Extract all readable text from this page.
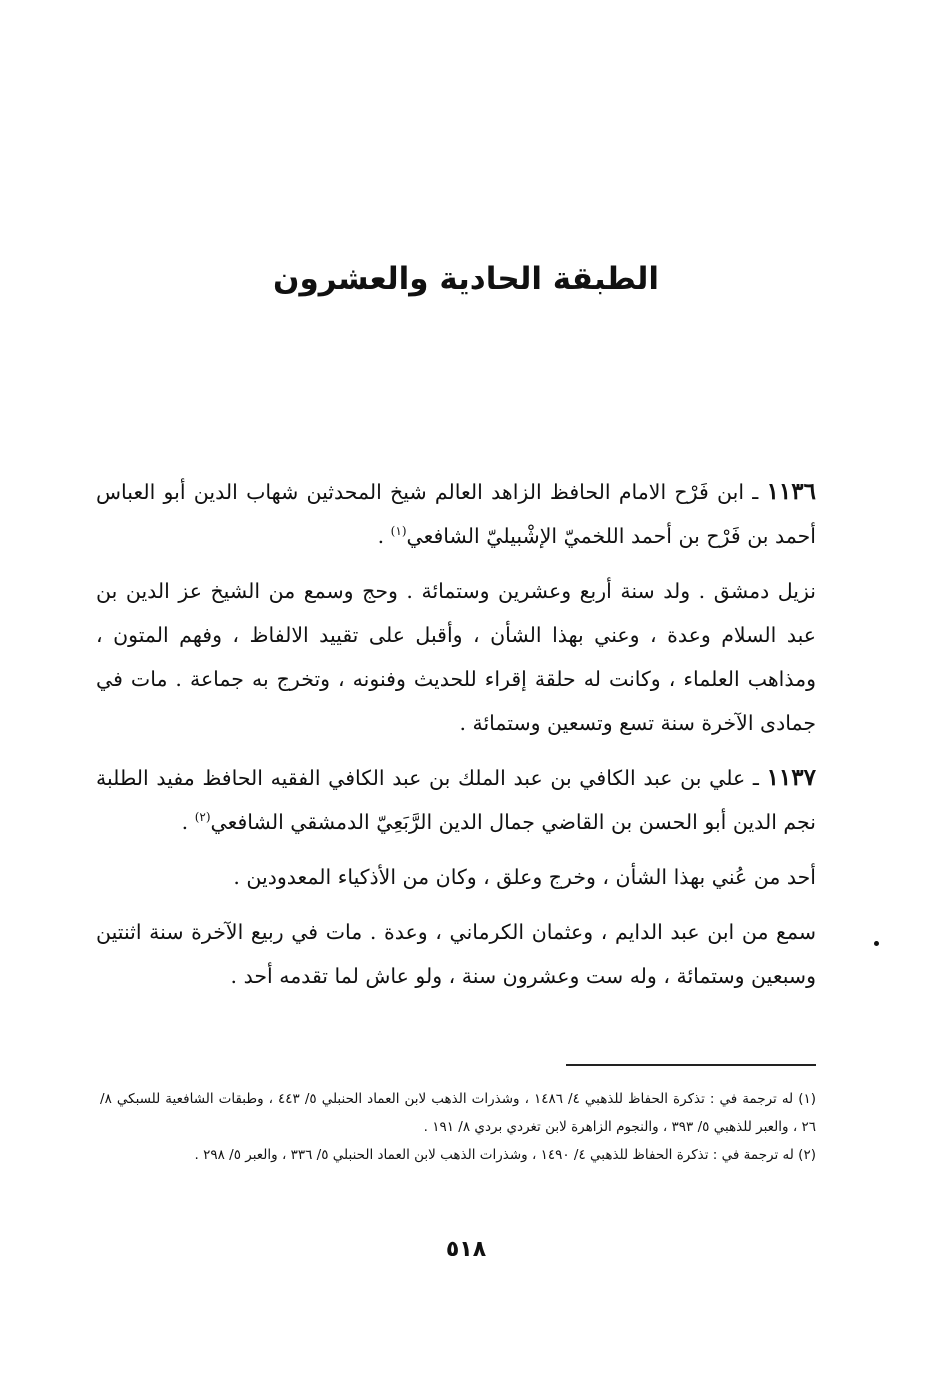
الطبقة الحادية والعشرون

١١٣٦ ـ ابن فَرْح الامام الحافظ الزاهد العالم شيخ المحدثين شهاب الدين أبو العباس أحمد بن فَرْح بن أحمد اللخميّ الإشْبيليّ الشافعي$^{(١)}$ .

نزيل دمشق . ولد سنة أربع وعشرين وستمائة . وحج وسمع من الشيخ عز الدين بن عبد السلام وعدة ، وعني بهذا الشأن ، وأقبل على تقييد الالفاظ ، وفهم المتون ، ومذاهب العلماء ، وكانت له حلقة إقراء للحديث وفنونه ، وتخرج به جماعة . مات في جمادى الآخرة سنة تسع وتسعين وستمائة .

١١٣٧ ـ علي بن عبد الكافي بن عبد الملك بن عبد الكافي الفقيه الحافظ مفيد الطلبة نجم الدين أبو الحسن بن القاضي جمال الدين الرَّبَعِيّ الدمشقي الشافعي$^{(٢)}$ .

أحد من عُني بهذا الشأن ، وخرج وعلق ، وكان من الأذكياء المعدودين .

سمع من ابن عبد الدايم ، وعثمان الكرماني ، وعدة . مات في ربيع الآخرة سنة اثنتين وسبعين وستمائة ، وله ست وعشرون سنة ، ولو عاش لما تقدمه أحد .

(١) له ترجمة في : تذكرة الحفاظ للذهبي ٤/ ١٤٨٦ ، وشذرات الذهب لابن العماد الحنبلي ٥/ ٤٤٣ ، وطبقات الشافعية للسبكي ٨/ ٢٦ ، والعبر للذهبي ٥/ ٣٩٣ ، والنجوم الزاهرة لابن تغردي بردي ٨/ ١٩١ .

(٢) له ترجمة في : تذكرة الحفاظ للذهبي ٤/ ١٤٩٠ ، وشذرات الذهب لابن العماد الحنبلي ٥/ ٣٣٦ ، والعبر ٥/ ٢٩٨ .

٥١٨
